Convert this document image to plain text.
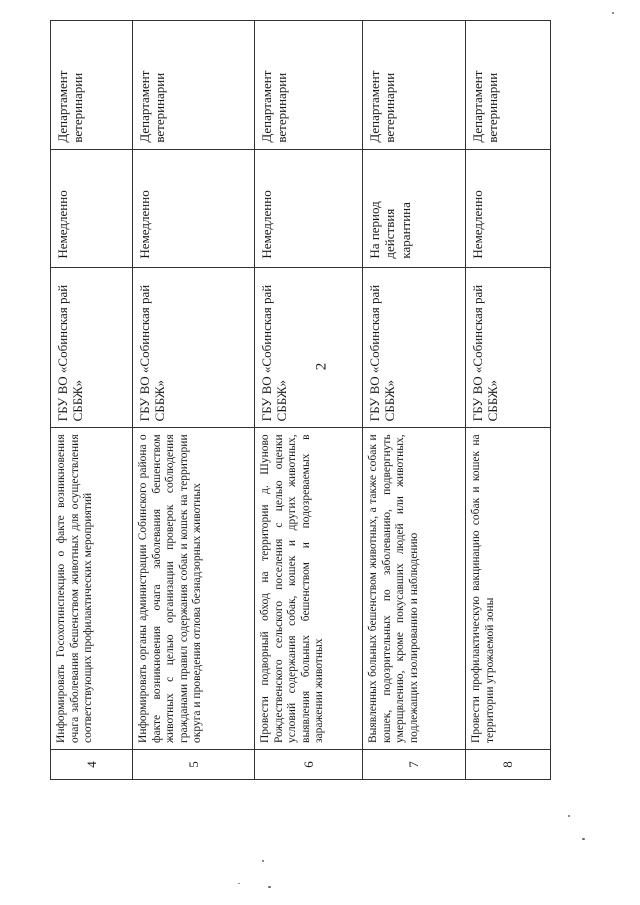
2
4	Информировать Госохотинспекцию о факте возникновения очага заболевания бешенством животных для осуществления соответствующих профилактических мероприятий	ГБУ ВО «Собинская рай СББЖ»	Немедленно	Департамент ветеринарии
5	Информировать органы администрации Собинского района о факте возникновения очага заболевания бешенством животных с целью организации проверок соблюдения гражданами правил содержания собак и кошек на территории округа и проведения отлова безнадзорных животных	ГБУ ВО «Собинская рай СББЖ»	Немедленно	Департамент ветеринарии
6	Провести подворный обход на территории д. Шуново Рождественского сельского поселения с целью оценки условий содержания собак, кошек и других животных, выявления больных бешенством и подозреваемых в заражении животных	ГБУ ВО «Собинская рай СББЖ»	Немедленно	Департамент ветеринарии
7	Выявленных больных бешенством животных, а также собак и кошек, подозрительных по заболеванию, подвергнуть умерщвлению, кроме покусавших людей или животных, подлежащих изолированию и наблюдению	ГБУ ВО «Собинская рай СББЖ»	На период действия карантина	Департамент ветеринарии
8	Провести профилактическую вакцинацию собак и кошек на территории угрожаемой зоны	ГБУ ВО «Собинская рай СББЖ»	Немедленно	Департамент ветеринарии
